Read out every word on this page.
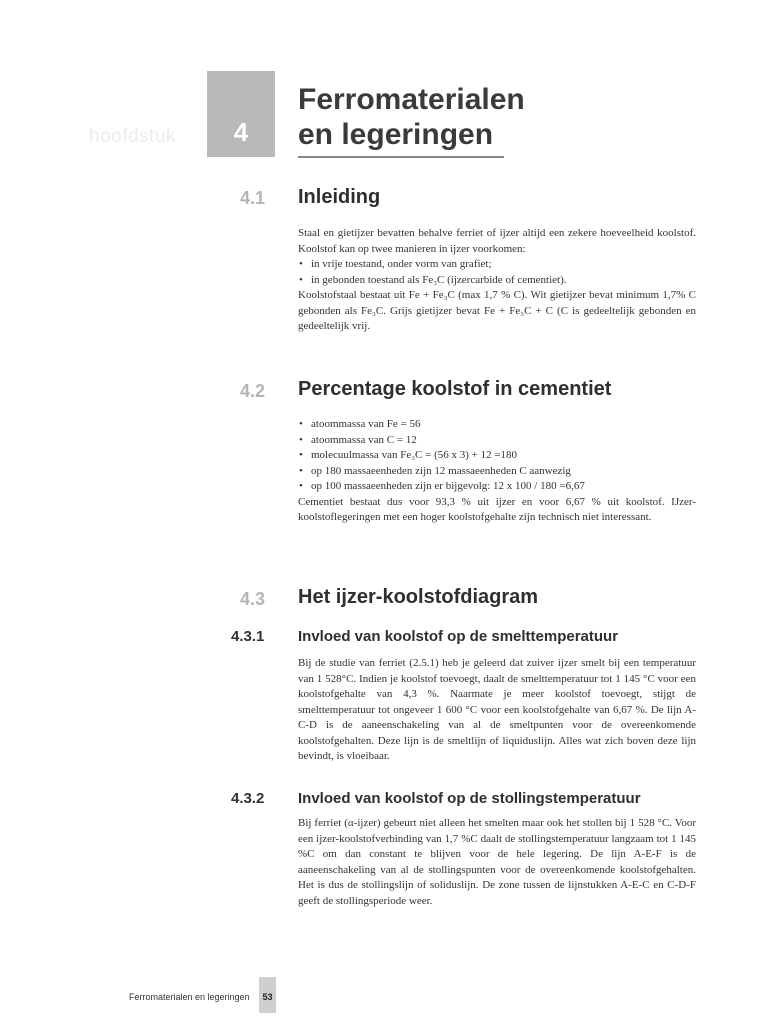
4
hoofdstuk
Ferromaterialen
en legeringen
4.1 Inleiding

Staal en gietijzer bevatten behalve ferriet of ijzer altijd een zekere hoeveelheid koolstof. Koolstof kan op twee manieren in ijzer voorkomen:

• in vrije toestand, onder vorm van grafiet;
• in gebonden toestand als Fe₃C (ijzercarbide of cementiet).

Koolstofstaal bestaat uit Fe + Fe₃C (max 1,7 % C). Wit gietijzer bevat minimum 1,7% C gebonden als Fe₃C. Grijs gietijzer bevat Fe + Fe₃C + C (C is gedeeltelijk gebonden en gedeeltelijk vrij.

4.2 Percentage koolstof in cementiet
• atoommassa van Fe = 56
• atoommassa van C = 12
• molecuulmassa van Fe₃C = (56 x 3) + 12 =180
• op 180 massaeenheden zijn 12 massaeenheden C aanwezig
• op 100 massaeenheden zijn er bijgevolg: 12 x 100 / 180 =6,67

Cementiet bestaat dus voor 93,3 % uit ijzer en voor 6,67 % uit koolstof. IJzer-koolstoflegeringen met een hoger koolstofgehalte zijn technisch niet interessant.

4.3 Het ijzer-koolstofdiagram
4.3.1 Invloed van koolstof op de smelttemperatuur

Bij de studie van ferriet (2.5.1) heb je geleerd dat zuiver ijzer smelt bij een temperatuur van 1 528°C. Indien je koolstof toevoegt, daalt de smelttemperatuur tot 1 145 °C voor een koolstofgehalte van 4,3 %. Naarmate je meer koolstof toevoegt, stijgt de smelttemperatuur tot ongeveer 1 600 °C voor een koolstofgehalte van 6,67 %. De lijn A-C-D is de aaneenschakeling van al de smeltpunten voor de overeenkomende koolstofgehalten. Deze lijn is de smeltlijn of liquiduslijn. Alles wat zich boven deze lijn bevindt, is vloeibaar.

4.3.2 Invloed van koolstof op de stollingstemperatuur

Bij ferriet (α-ijzer) gebeurt niet alleen het smelten maar ook het stollen bij 1 528 °C. Voor een ijzer-koolstofverbinding van 1,7 %C daalt de stollingstemperatuur langzaam tot 1 145 %C om dan constant te blijven voor de hele legering. De lijn A-E-F is de aaneenschakeling van al de stollingspunten voor de overeenkomende koolstofgehalten. Het is dus de stollingslijn of soliduslijn. De zone tussen de lijnstukken A-E-C en C-D-F geeft de stollingsperiode weer.

Ferromaterialen en legeringen	53
